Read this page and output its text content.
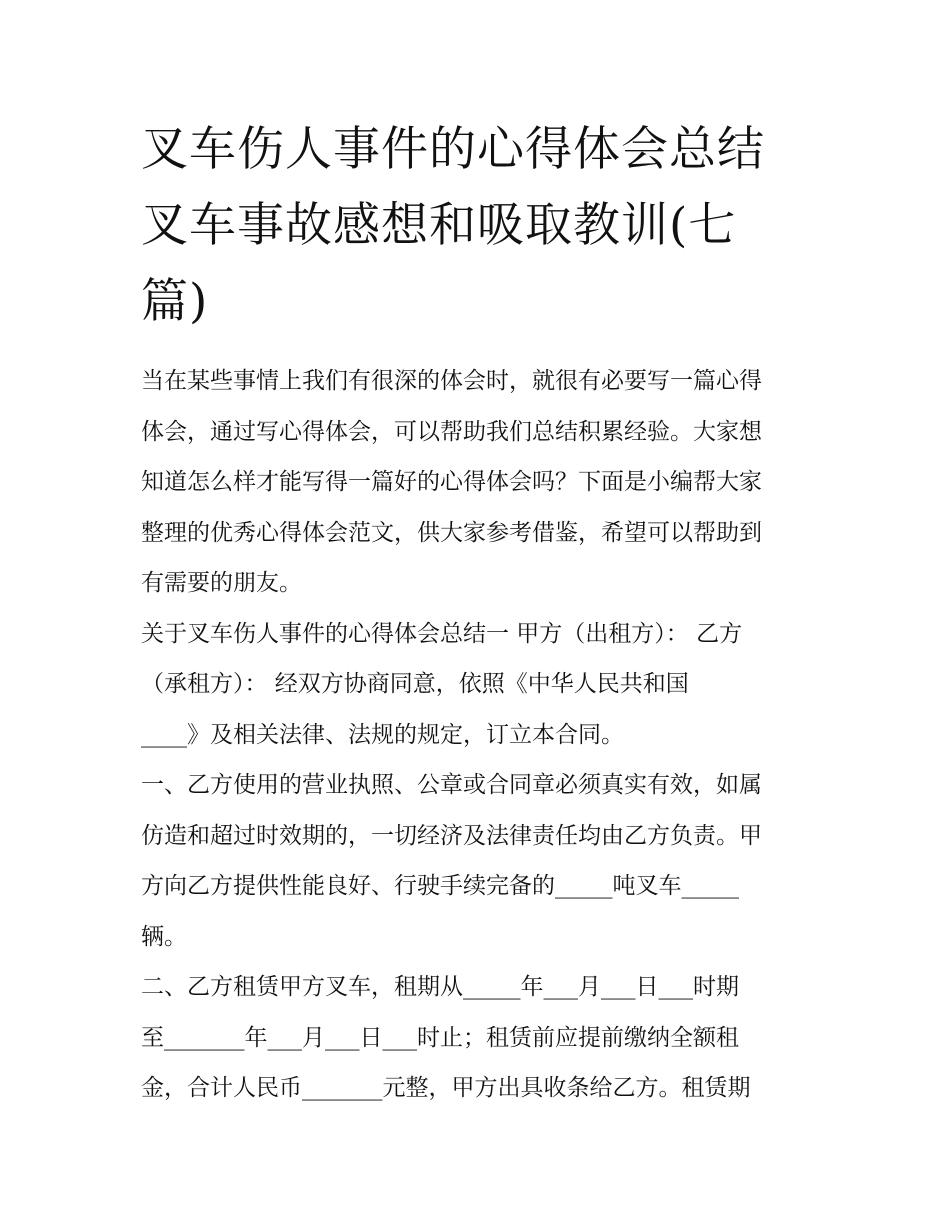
叉车伤人事件的心得体会总结
叉车事故感想和吸取教训(七
篇)

当在某些事情上我们有很深的体会时，就很有必要写一篇心得
体会，通过写心得体会，可以帮助我们总结积累经验。大家想
知道怎么样才能写得一篇好的心得体会吗？下面是小编帮大家
整理的优秀心得体会范文，供大家参考借鉴，希望可以帮助到
有需要的朋友。

关于叉车伤人事件的心得体会总结一 甲方（出租方）： 乙方
（承租方）： 经双方协商同意，依照《中华人民共和国
____》及相关法律、法规的规定，订立本合同。

一、乙方使用的营业执照、公章或合同章必须真实有效，如属
仿造和超过时效期的，一切经济及法律责任均由乙方负责。甲
方向乙方提供性能良好、行驶手续完备的_____吨叉车_____
辆。

二、乙方租赁甲方叉车，租期从_____年___月___日___时期
至_______年___月___日___时止；租赁前应提前缴纳全额租
金，合计人民币_______元整，甲方出具收条给乙方。租赁期
